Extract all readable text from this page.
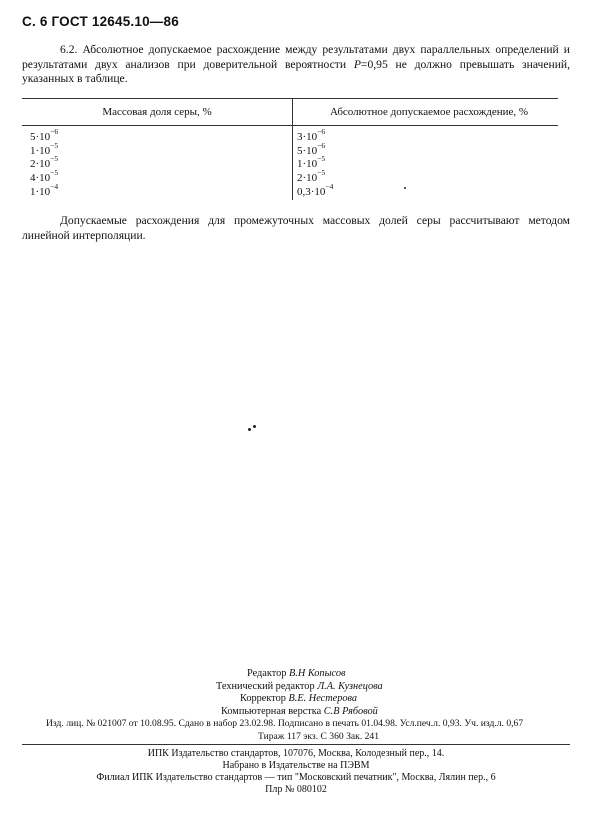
С. 6 ГОСТ 12645.10—86
6.2. Абсолютное допускаемое расхождение между результатами двух параллельных определений и результатами двух анализов при доверительной вероятности P=0,95 не должно превышать значений, указанных в таблице.
Массовая доля серы, %	Абсолютное допускаемое расхождение, %
$5\cdot 10^{-6}$
$1\cdot 10^{-5}$
$2\cdot 10^{-5}$
$4\cdot 10^{-5}$
$1\cdot 10^{-4}$
$3\cdot 10^{-6}$
$5\cdot 10^{-6}$
$1\cdot 10^{-5}$
$2\cdot 10^{-5}$
$0,3\cdot 10^{-4}$
Допускаемые расхождения для промежуточных массовых долей серы рассчитывают методом линейной интерполяции.
Редактор В.Н Копысов
Технический редактор Л.А. Кузнецова
Корректор В.Е. Нестерова
Компьютерная верстка С.В Рябовой
Изд. лиц. № 021007 от 10.08.95. Сдано в набор 23.02.98. Подписано в печать 01.04.98. Усл.печ.л. 0,93. Уч. изд.л. 0,67
Тираж 117 экз. С 360 Зак. 241
ИПК Издательство стандартов, 107076, Москва, Колодезный пер., 14.
Набрано в Издательстве на ПЭВМ
Филиал ИПК Издательство стандартов — тип "Московский печатник", Москва, Лялин пер., 6
Плр № 080102
